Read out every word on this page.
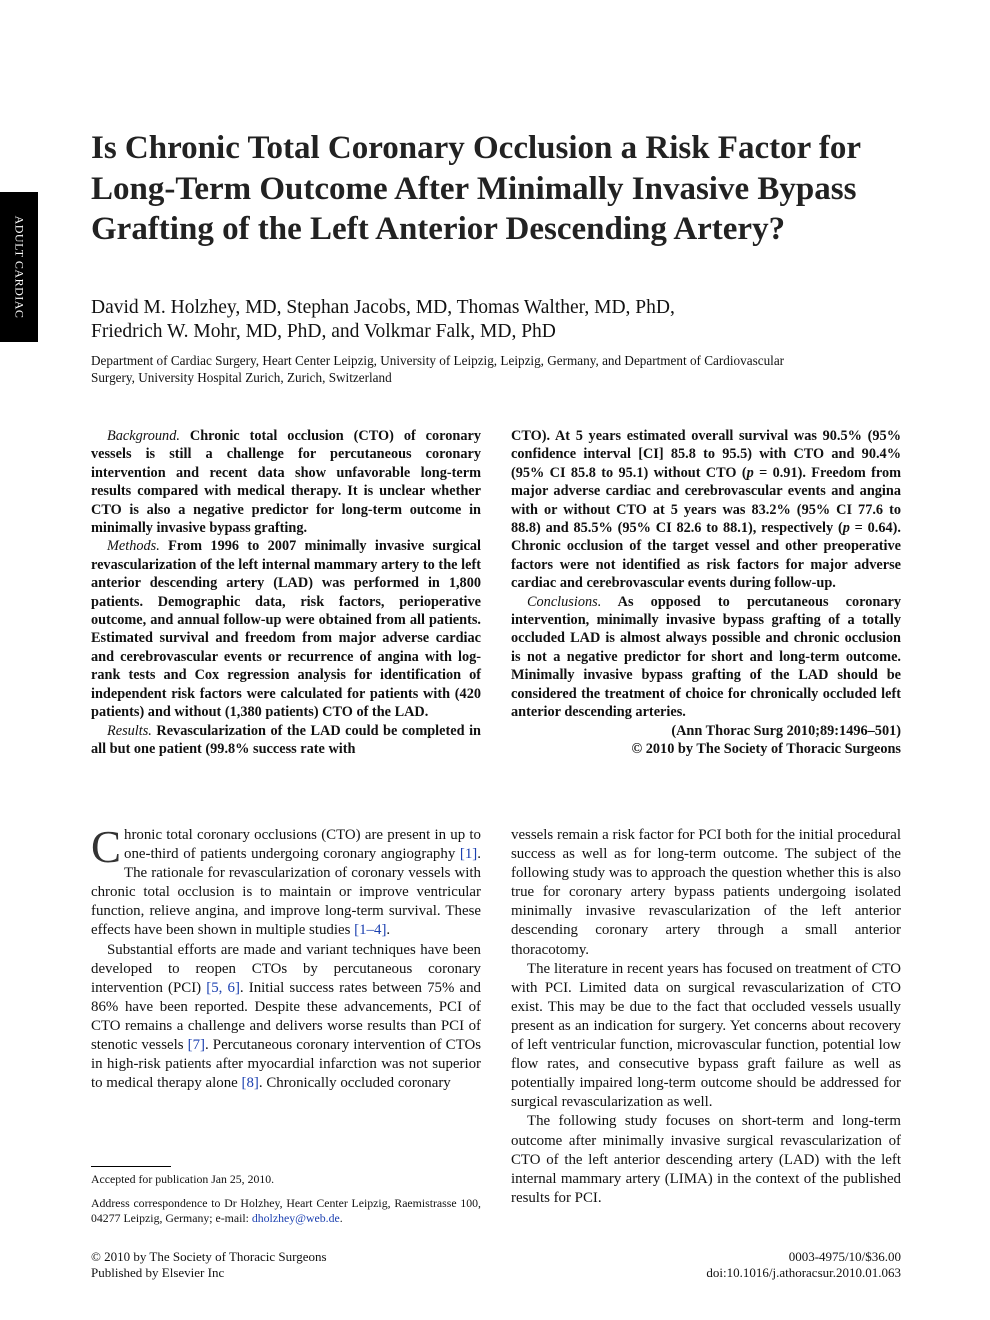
ADULT CARDIAC
Is Chronic Total Coronary Occlusion a Risk Factor for Long-Term Outcome After Minimally Invasive Bypass Grafting of the Left Anterior Descending Artery?

David M. Holzhey, MD, Stephan Jacobs, MD, Thomas Walther, MD, PhD,
Friedrich W. Mohr, MD, PhD, and Volkmar Falk, MD, PhD

Department of Cardiac Surgery, Heart Center Leipzig, University of Leipzig, Leipzig, Germany, and Department of Cardiovascular Surgery, University Hospital Zurich, Zurich, Switzerland

Background. Chronic total occlusion (CTO) of coronary vessels is still a challenge for percutaneous coronary intervention and recent data show unfavorable long-term results compared with medical therapy. It is unclear whether CTO is also a negative predictor for long-term outcome in minimally invasive bypass grafting.

Methods. From 1996 to 2007 minimally invasive surgical revascularization of the left internal mammary artery to the left anterior descending artery (LAD) was performed in 1,800 patients. Demographic data, risk factors, perioperative outcome, and annual follow-up were obtained from all patients. Estimated survival and freedom from major adverse cardiac and cerebrovascular events or recurrence of angina with log-rank tests and Cox regression analysis for identification of independent risk factors were calculated for patients with (420 patients) and without (1,380 patients) CTO of the LAD.

Results. Revascularization of the LAD could be completed in all but one patient (99.8% success rate with

CTO). At 5 years estimated overall survival was 90.5% (95% confidence interval [CI] 85.8 to 95.5) with CTO and 90.4% (95% CI 85.8 to 95.1) without CTO (p = 0.91). Freedom from major adverse cardiac and cerebrovascular events and angina with or without CTO at 5 years was 83.2% (95% CI 77.6 to 88.8) and 85.5% (95% CI 82.6 to 88.1), respectively (p = 0.64). Chronic occlusion of the target vessel and other preoperative factors were not identified as risk factors for major adverse cardiac and cerebrovascular events during follow-up.

Conclusions. As opposed to percutaneous coronary intervention, minimally invasive bypass grafting of a totally occluded LAD is almost always possible and chronic occlusion is not a negative predictor for short and long-term outcome. Minimally invasive bypass grafting of the LAD should be considered the treatment of choice for chronically occluded left anterior descending arteries.

(Ann Thorac Surg 2010;89:1496–501)

© 2010 by The Society of Thoracic Surgeons

Chronic total coronary occlusions (CTO) are present in up to one-third of patients undergoing coronary angiography [1]. The rationale for revascularization of coronary vessels with chronic total occlusion is to maintain or improve ventricular function, relieve angina, and improve long-term survival. These effects have been shown in multiple studies [1–4].

Substantial efforts are made and variant techniques have been developed to reopen CTOs by percutaneous coronary intervention (PCI) [5, 6]. Initial success rates between 75% and 86% have been reported. Despite these advancements, PCI of CTO remains a challenge and delivers worse results than PCI of stenotic vessels [7]. Percutaneous coronary intervention of CTOs in high-risk patients after myocardial infarction was not superior to medical therapy alone [8]. Chronically occluded coronary

vessels remain a risk factor for PCI both for the initial procedural success as well as for long-term outcome. The subject of the following study was to approach the question whether this is also true for coronary artery bypass patients undergoing isolated minimally invasive revascularization of the left anterior descending coronary artery through a small anterior thoracotomy.

The literature in recent years has focused on treatment of CTO with PCI. Limited data on surgical revascularization of CTO exist. This may be due to the fact that occluded vessels usually present as an indication for surgery. Yet concerns about recovery of left ventricular function, microvascular function, potential low flow rates, and consecutive bypass graft failure as well as potentially impaired long-term outcome should be addressed for surgical revascularization as well.

The following study focuses on short-term and long-term outcome after minimally invasive surgical revascularization of CTO of the left anterior descending artery (LAD) with the left internal mammary artery (LIMA) in the context of the published results for PCI.

Accepted for publication Jan 25, 2010.

Address correspondence to Dr Holzhey, Heart Center Leipzig, Raemistrasse 100, 04277 Leipzig, Germany; e-mail: dholzhey@web.de.

© 2010 by The Society of Thoracic Surgeons
Published by Elsevier Inc

0003-4975/10/$36.00
doi:10.1016/j.athoracsur.2010.01.063
